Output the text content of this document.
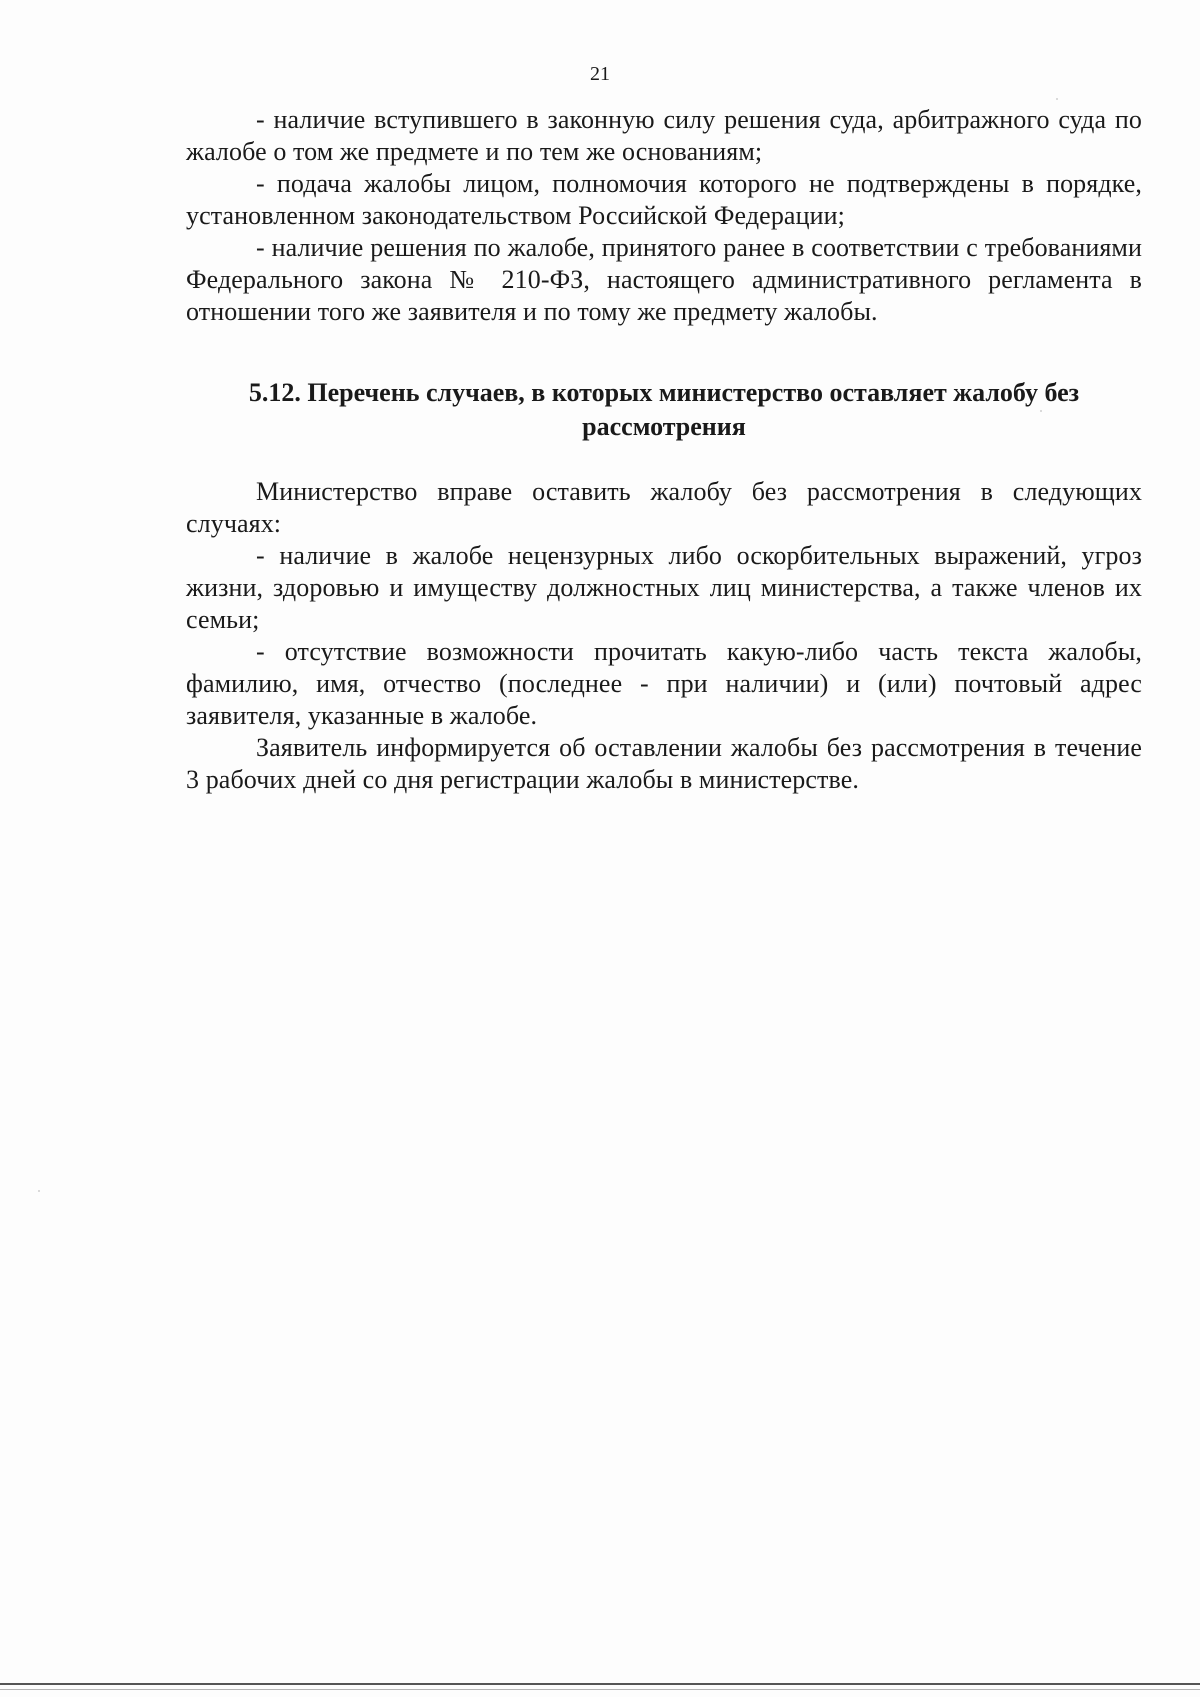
21

- наличие вступившего в законную силу решения суда, арбитражного суда по жалобе о том же предмете и по тем же основаниям;

- подача жалобы лицом, полномочия которого не подтверждены в порядке, установленном законодательством Российской Федерации;

- наличие решения по жалобе, принятого ранее в соответствии с требованиями Федерального закона № 210-ФЗ, настоящего административного регламента в отношении того же заявителя и по тому же предмету жалобы.

5.12. Перечень случаев, в которых министерство оставляет жалобу без рассмотрения

Министерство вправе оставить жалобу без рассмотрения в следующих случаях:

- наличие в жалобе нецензурных либо оскорбительных выражений, угроз жизни, здоровью и имуществу должностных лиц министерства, а также членов их семьи;

- отсутствие возможности прочитать какую-либо часть текста жалобы, фамилию, имя, отчество (последнее - при наличии) и (или) почтовый адрес заявителя, указанные в жалобе.

Заявитель информируется об оставлении жалобы без рассмотрения в течение 3 рабочих дней со дня регистрации жалобы в министерстве.
